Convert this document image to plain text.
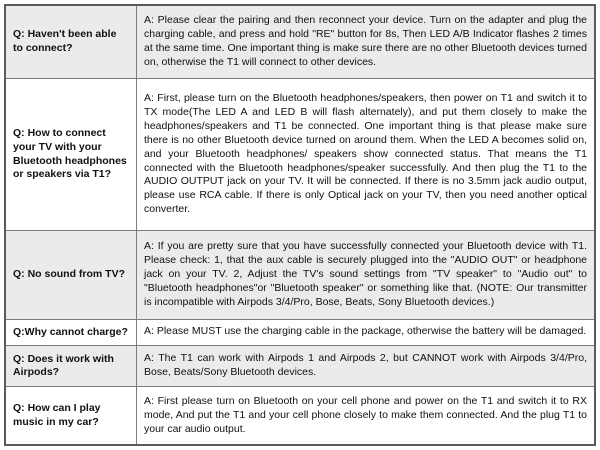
Q: Haven't been able to connect?	A: Please clear the pairing and then reconnect your device. Turn on the adapter and plug the charging cable, and press and hold "RE" button for 8s, Then LED A/B Indicator flashes 2 times at the same time. One important thing is make sure there are no other Bluetooth devices turned on, otherwise the T1 will connect to other devices.
Q: How to connect your TV with your Bluetooth headphones or speakers via T1?	A: First, please turn on the Bluetooth headphones/speakers, then power on T1 and switch it to TX mode(The LED A and LED B will flash alternately), and put them closely to make the headphones/speakers and T1 be connected. One important thing is that please make sure there is no other Bluetooth device turned on around them. When the LED A becomes solid on, and your Bluetooth headphones/ speakers show connected status. That means the T1 connected with the Bluetooth headphones/speaker successfully. And then plug the T1 to the AUDIO OUTPUT jack on your TV. It will be connected. If there is no 3.5mm jack audio output, please use RCA cable. If there is only Optical jack on your TV, then you need another optical converter.
Q: No sound from TV?	A: If you are pretty sure that you have successfully connected your Bluetooth device with T1. Please check: 1, that the aux cable is securely plugged into the "AUDIO OUT" or headphone jack on your TV. 2, Adjust the TV's sound settings from "TV speaker" to "Audio out" to "Bluetooth headphones"or "Bluetooth speaker" or something like that. (NOTE: Our transmitter is incompatible with Airpods 3/4/Pro, Bose, Beats, Sony Bluetooth devices.)
Q:Why cannot charge?	A: Please MUST use the charging cable in the package, otherwise the battery will be damaged.
Q: Does it work with Airpods?	A: The T1 can work with Airpods 1 and Airpods 2, but CANNOT work with Airpods 3/4/Pro, Bose, Beats/Sony Bluetooth devices.
Q: How can I play music in my car?	A: First please turn on Bluetooth on your cell phone and power on the T1 and switch it to RX mode, And put the T1 and your cell phone closely to make them connected. And the plug T1 to your car audio output.
